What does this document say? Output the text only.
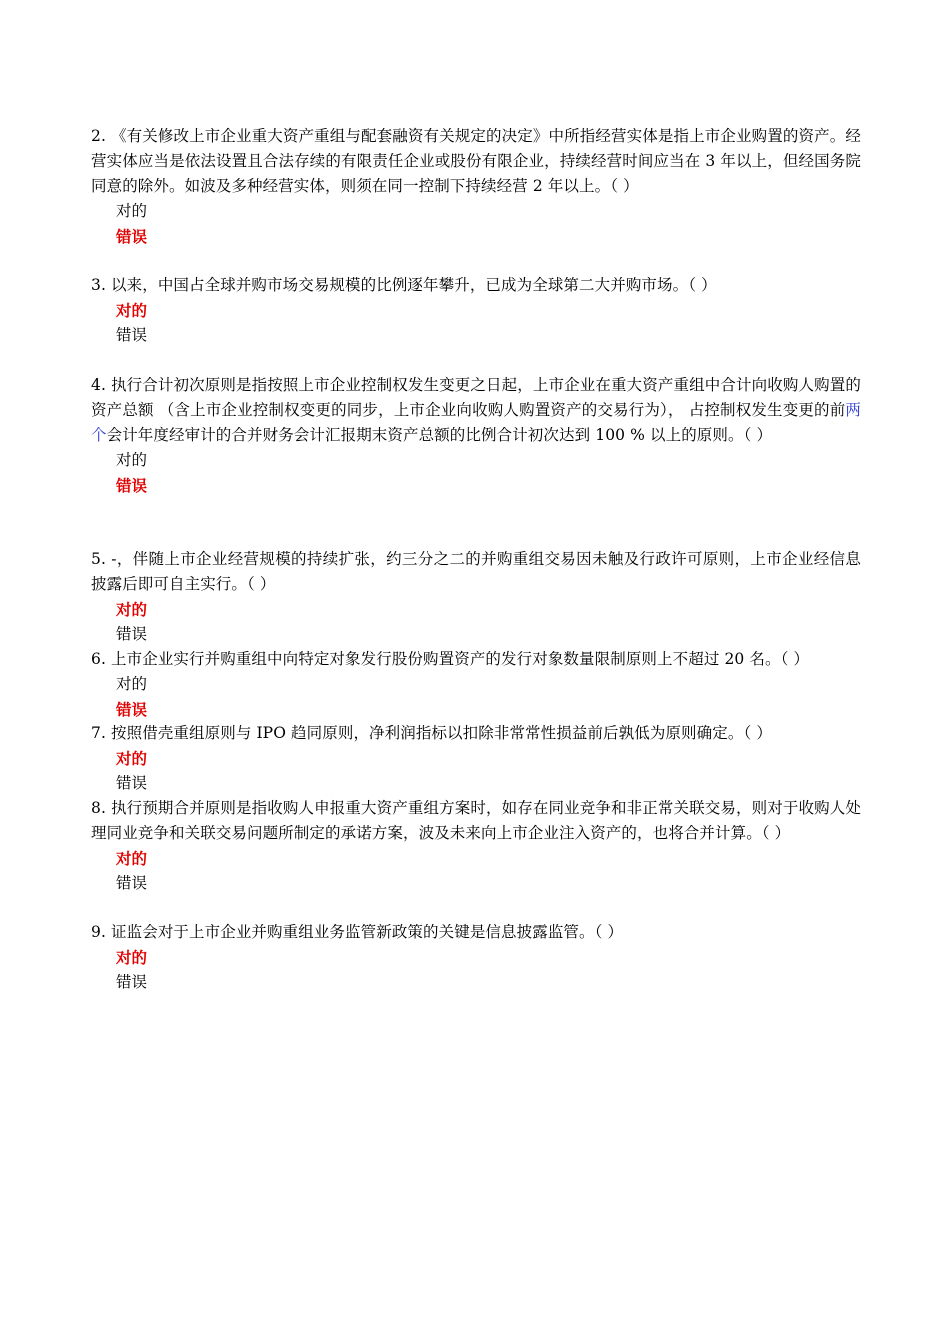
2. 《有关修改上市企业重大资产重组与配套融资有关规定的决定》中所指经营实体是指上市企业购置的资产。经营实体应当是依法设置且合法存续的有限责任企业或股份有限企业，持续经营时间应当在 3 年以上，但经国务院同意的除外。如波及多种经营实体，则须在同一控制下持续经营 2 年以上。（ ）

对的
错误

3. 以来，中国占全球并购市场交易规模的比例逐年攀升，已成为全球第二大并购市场。（ ）

对的
错误

4. 执行合计初次原则是指按照上市企业控制权发生变更之日起，上市企业在重大资产重组中合计向收购人购置的资产总额 （含上市企业控制权变更的同步，上市企业向收购人购置资产的交易行为）， 占控制权发生变更的前两个会计年度经审计的合并财务会计汇报期末资产总额的比例合计初次达到 100 % 以上的原则。（ ）

对的
错误

5. -，伴随上市企业经营规模的持续扩张，约三分之二的并购重组交易因未触及行政许可原则，上市企业经信息披露后即可自主实行。（ ）

对的
错误

6. 上市企业实行并购重组中向特定对象发行股份购置资产的发行对象数量限制原则上不超过 20 名。（ ）

对的
错误

7. 按照借壳重组原则与 IPO 趋同原则，净利润指标以扣除非常常性损益前后孰低为原则确定。（ ）

对的
错误

8. 执行预期合并原则是指收购人申报重大资产重组方案时，如存在同业竞争和非正常关联交易，则对于收购人处理同业竞争和关联交易问题所制定的承诺方案，波及未来向上市企业注入资产的，也将合并计算。（ ）

对的
错误

9. 证监会对于上市企业并购重组业务监管新政策的关键是信息披露监管。（ ）

对的
错误
